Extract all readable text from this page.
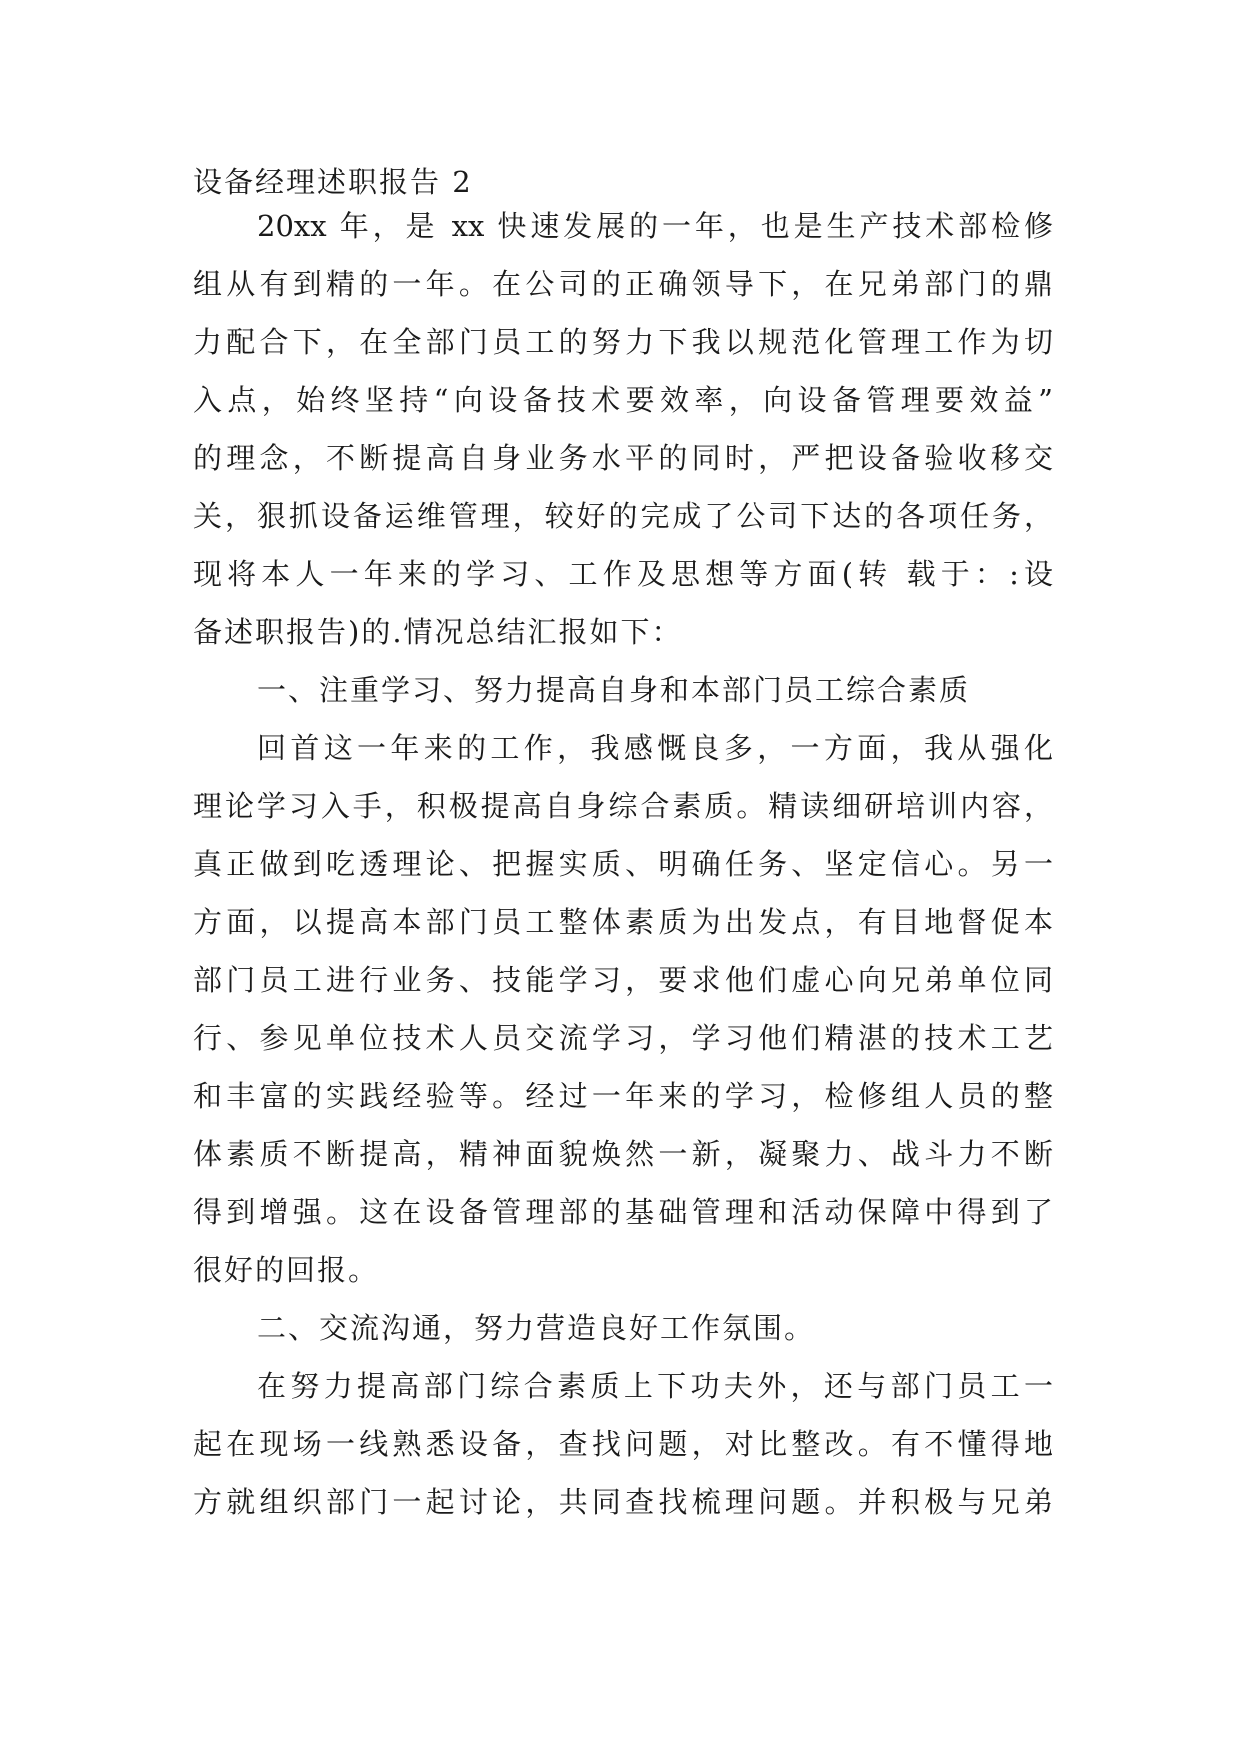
设备经理述职报告 2

20xx 年，是 xx 快速发展的一年，也是生产技术部检修

组从有到精的一年。在公司的正确领导下，在兄弟部门的鼎

力配合下，在全部门员工的努力下我以规范化管理工作为切

入点，始终坚持“向设备技术要效率，向设备管理要效益”

的理念，不断提高自身业务水平的同时，严把设备验收移交

关，狠抓设备运维管理，较好的完成了公司下达的各项任务，

现将本人一年来的学习、工作及思想等方面(转 载于：:设

备述职报告)的.情况总结汇报如下：

一、注重学习、努力提高自身和本部门员工综合素质

回首这一年来的工作，我感慨良多，一方面，我从强化

理论学习入手，积极提高自身综合素质。精读细研培训内容，

真正做到吃透理论、把握实质、明确任务、坚定信心。另一

方面，以提高本部门员工整体素质为出发点，有目地督促本

部门员工进行业务、技能学习，要求他们虚心向兄弟单位同

行、参见单位技术人员交流学习，学习他们精湛的技术工艺

和丰富的实践经验等。经过一年来的学习，检修组人员的整

体素质不断提高，精神面貌焕然一新，凝聚力、战斗力不断

得到增强。这在设备管理部的基础管理和活动保障中得到了

很好的回报。

二、交流沟通，努力营造良好工作氛围。

在努力提高部门综合素质上下功夫外，还与部门员工一

起在现场一线熟悉设备，查找问题，对比整改。有不懂得地

方就组织部门一起讨论，共同查找梳理问题。并积极与兄弟
